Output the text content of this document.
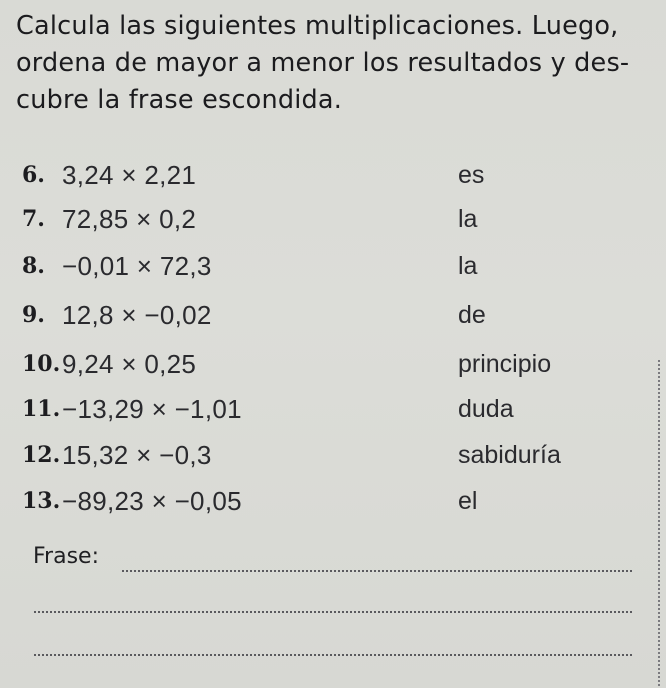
Calcula las siguientes multiplicaciones. Luego,
ordena de mayor a menor los resultados y des-
cubre la frase escondida.
6. 3,24 × 2,21	es
7. 72,85 × 0,2	la
8. −0,01 × 72,3	la
9. 12,8 × −0,02	de
10. 9,24 × 0,25	principio
11. −13,29 × −1,01	duda
12. 15,32 × −0,3	sabiduría
13. −89,23 × −0,05	el
Frase:
